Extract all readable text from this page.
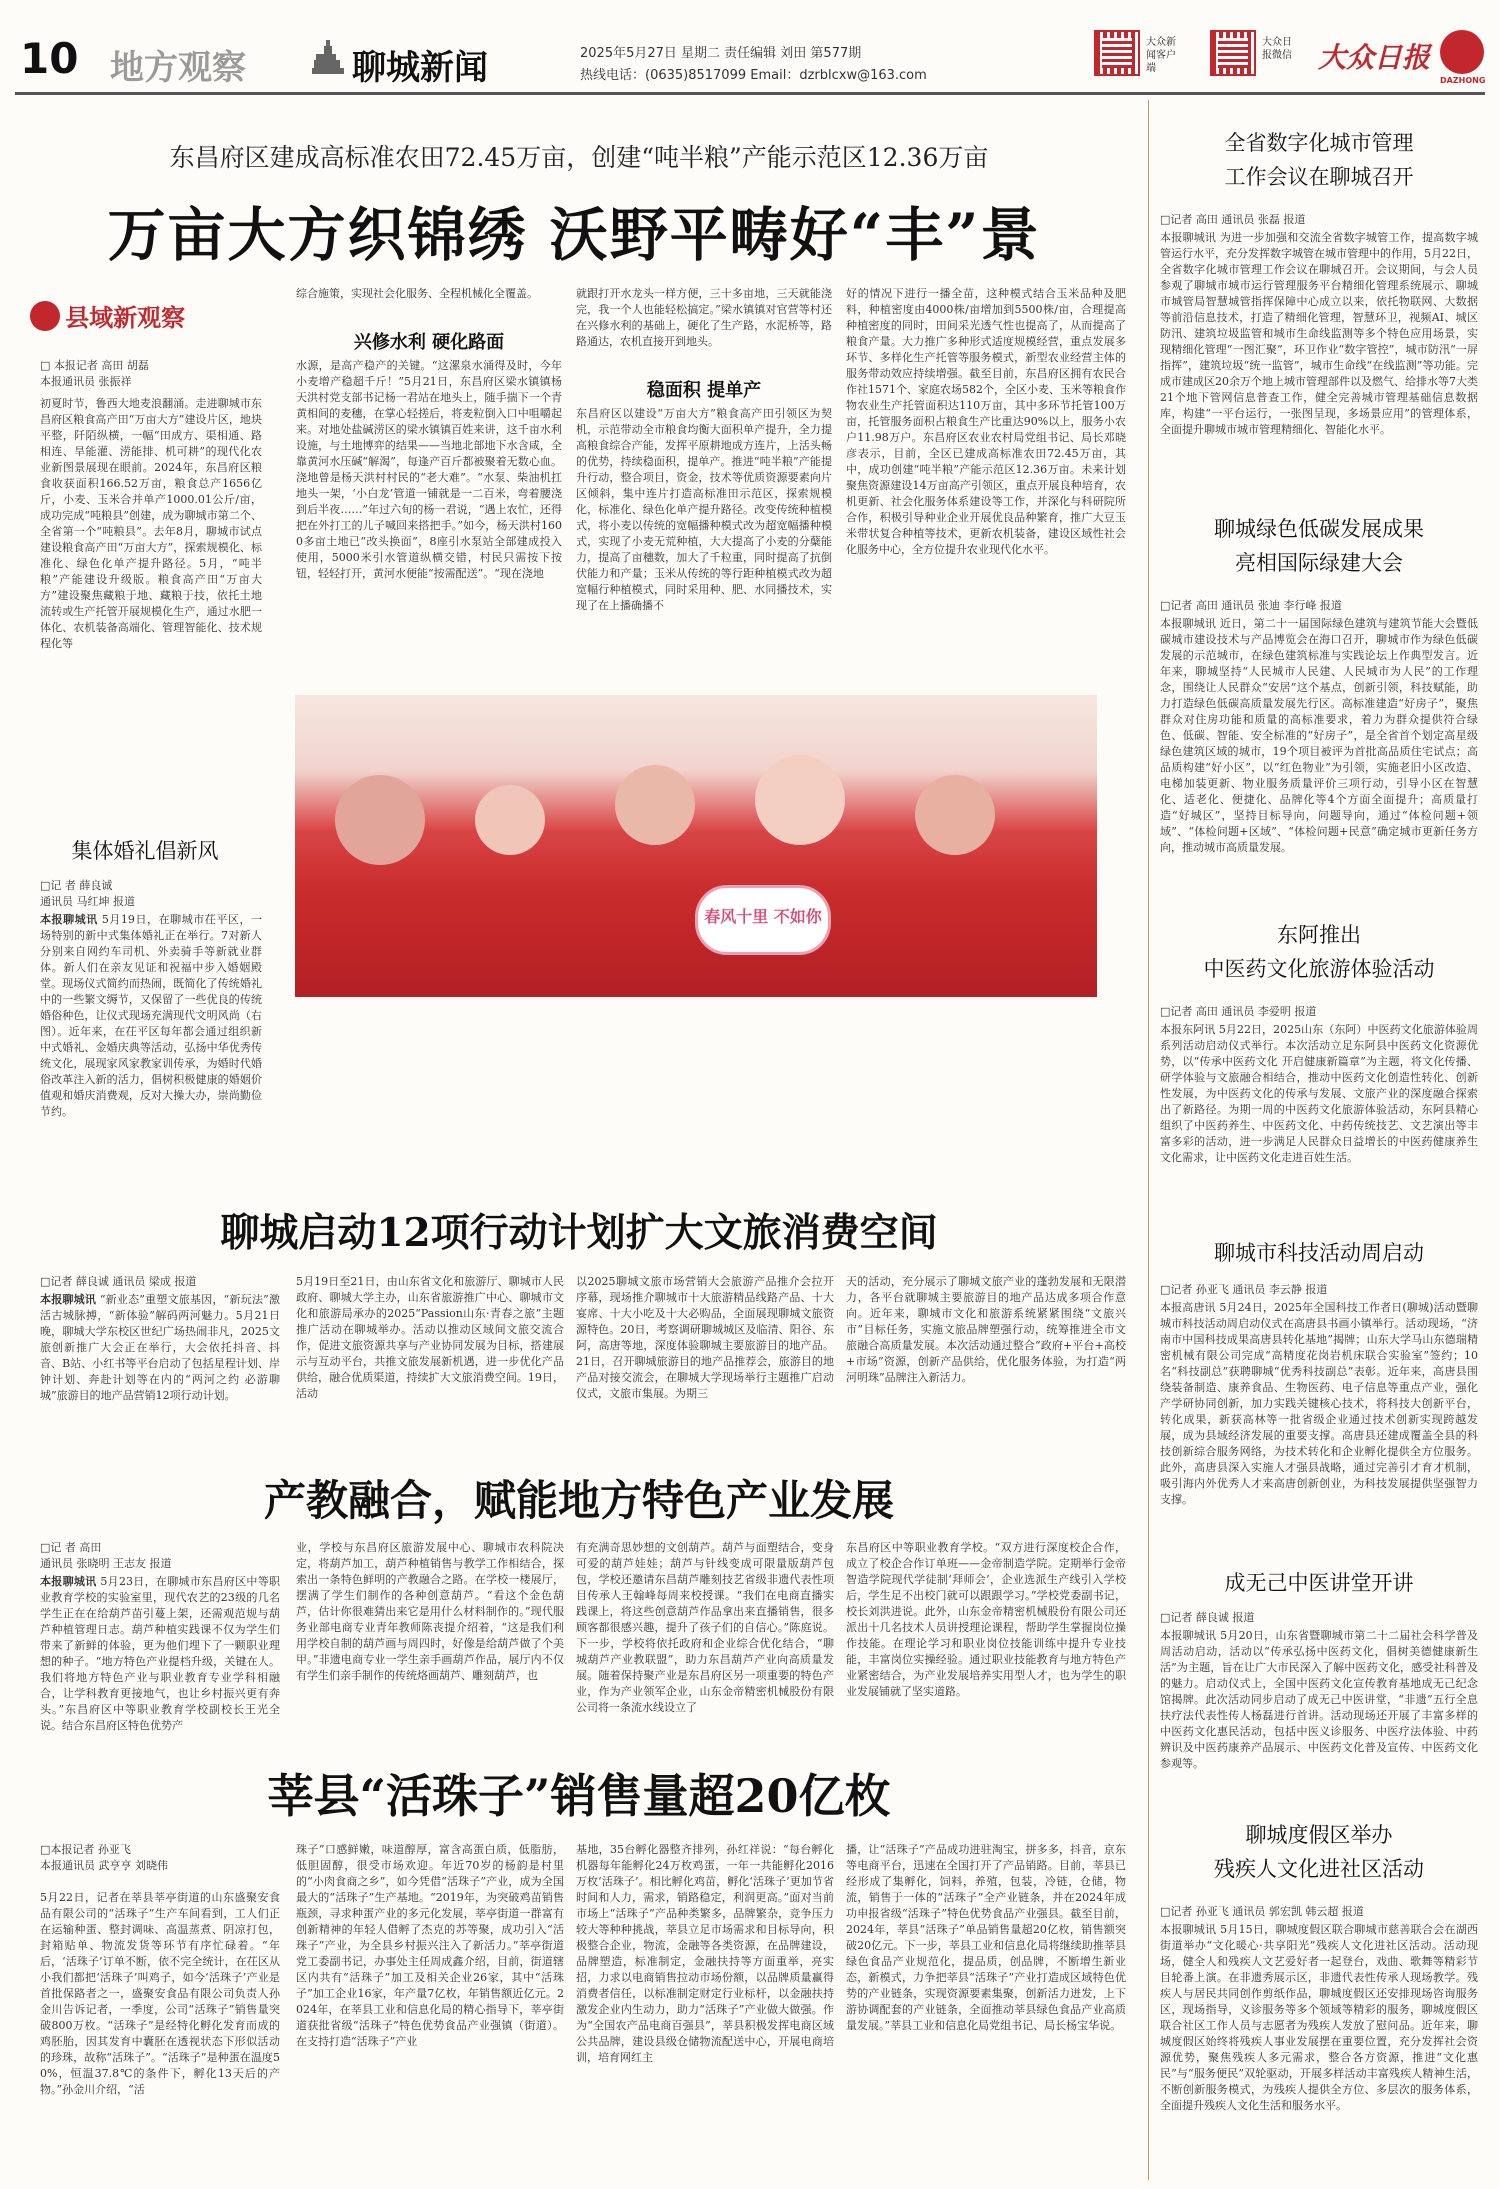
10 地方观察	聊城新闻	2025年5月27日 星期二 责任编辑 刘田 第577期
热线电话：(0635)8517099 Email：dzrblcxw@163.com
大众新闻客户端
大众日报微信 大众日报
DAZHONG
东昌府区建成高标准农田72.45万亩，创建“吨半粮”产能示范区12.36万亩
万亩大方织锦绣 沃野平畴好“丰”景
县域新观察
□ 本报记者 高田 胡磊
本报通讯员 张振祥
初夏时节，鲁西大地麦浪翻涌。走进聊城市东昌府区粮食高产田“万亩大方”建设片区，地块平整，阡陌纵横，一幅“田成方、渠相通、路相连、旱能灌、涝能排、机可耕”的现代化农业新图景展现在眼前。2024年，东昌府区粮食收获面积166.52万亩，粮食总产1656亿斤，小麦、玉米合并单产1000.01公斤/亩，成功完成“吨粮县”创建，成为聊城市第二个、全省第一个“吨粮县”。去年8月，聊城市试点建设粮食高产田“万亩大方”，探索规模化、标准化、绿色化单产提升路径。5月，“吨半粮”产能建设升级版。粮食高产田“万亩大方”建设聚焦藏粮于地、藏粮于技，依托土地流转或生产托管开展规模化生产，通过水肥一体化、农机装备高端化、管理智能化、技术规程化等
综合施策，实现社会化服务、全程机械化全覆盖。
兴修水利 硬化路面
水源，是高产稳产的关键。“这漯泉水涌得及时，今年小麦增产稳超千斤！”5月21日，东昌府区梁水镇镇杨天洪村党支部书记杨一君站在地头上，随手揣下一个青黄相间的麦穗，在掌心轻搓后，将麦粒倒入口中咀嚼起来。对地处盐碱涝区的梁水镇镇百姓来讲，这千亩水利设施，与土地博弈的结果——当地北部地下水含咸，全靠黄河水压碱“解渴”，每逢产百斤都被聚着无数心血。浇地曾是杨天洪村村民的“老大难”。“水泵、柴油机扛地头一架，‘小白龙’管道一铺就是一二百米，弯着腰浇到后半夜……”年过六旬的杨一君说，“遇上农忙，还得把在外打工的儿子喊回来搭把手。”如今，杨天洪村1600多亩土地已“改头换面”，8座引水泵站全部建成投入使用，5000米引水管道纵横交错，村民只需按下按钮，轻轻打开，黄河水便能“按需配送”。“现在浇地
就跟打开水龙头一样方便，三十多亩地，三天就能浇完，我一个人也能轻松搞定。”梁水镇镇对官营等村还在兴修水利的基础上，硬化了生产路，水泥桥等，路路通达，农机直接开到地头。
稳面积 提单产
东昌府区以建设“万亩大方”粮食高产田引领区为契机，示范带动全市粮食均衡大面积单产提升，全力提高粮食综合产能，发挥平原耕地成方连片，上活头畅的优势，持续稳面积，提单产。推进“吨半粮”产能提升行动，整合项目，资金，技术等优质资源要素向片区倾斜，集中连片打造高标准田示范区，探索规模化，标准化、绿色化单产提升路径。改变传统种植模式，将小麦以传统的宽幅播种模式改为超宽幅播种模式，实现了小麦无荒种植，大大提高了小麦的分蘖能力，提高了亩穗数，加大了千粒重，同时提高了抗倒伏能力和产量；玉米从传统的等行距种植模式改为超宽幅行种植模式，同时采用种、肥、水同播技术，实现了在上播确播不
好的情况下进行一播全苗，这种模式结合玉米品种及肥料，种植密度由4000株/亩增加到5500株/亩，合理提高种植密度的同时，田间采光透气性也提高了，从而提高了粮食产量。大力推广多种形式适度规模经营，重点发展多环节、多样化生产托管等服务模式，新型农业经营主体的服务带动效应持续增强。截至目前，东昌府区拥有农民合作社1571个、家庭农场582个，全区小麦、玉米等粮食作物农业生产托管面积达110万亩，其中多环节托管100万亩，托管服务面积占粮食生产比重达90%以上，服务小农户11.98万户。东昌府区农业农村局党组书记、局长邓晓彦表示，目前，全区已建成高标准农田72.45万亩，其中，成功创建“吨半粮”产能示范区12.36万亩。未来计划聚焦资源建设14万亩高产引领区，重点开展良种培育，农机更新、社会化服务体系建设等工作，并深化与科研院所合作，积极引导种业企业开展优良品种繁育，推广大豆玉米带状复合种植等技术，更新农机装备，建设区域性社会化服务中心，全方位提升农业现代化水平。
集体婚礼倡新风
□记 者 薛良诚
通讯员 马红坤 报道
本报聊城讯 5月19日，在聊城市茌平区，一场特别的新中式集体婚礼正在举行。7对新人分别来自网约车司机、外卖骑手等新就业群体。新人们在亲友见证和祝福中步入婚姻殿堂。现场仪式简约而热闹，既简化了传统婚礼中的一些繁文缛节，又保留了一些优良的传统婚俗种色，让仪式现场充满现代文明风尚（右图）。近年来，在茌平区每年都会通过组织新中式婚礼、金婚庆典等活动，弘扬中华优秀传统文化，展现家风家教家训传承，为婚时代婚俗改革注入新的活力，倡树积极健康的婚姻价值观和婚庆消费观，反对大操大办，崇尚勤俭节约。
春风十里 不如你
聊城启动12项行动计划扩大文旅消费空间
□记者 薛良诚 通讯员 梁成 报道
本报聊城讯 “新业态”重塑文旅基因，“新玩法”激活古城脉搏，“新体验”解码两河魅力。5月21日晚，聊城大学东校区世纪广场热闹非凡，2025文旅创新推广大会正在举行，大会依托抖音、抖音、B站、小红书等平台启动了包括星程计划、岸钟计划、奔赴计划等在内的“两河之约 必游聊城”旅游目的地产品营销12项行动计划。
5月19日至21日，由山东省文化和旅游厅、聊城市人民政府、聊城大学主办，山东省旅游推广中心、聊城市文化和旅游局承办的2025“Passion山东·青春之旅”主题推广活动在聊城举办。活动以推动区域间文旅交流合作，促进文旅资源共享与产业协同发展为目标，搭建展示与互动平台，共推文旅发展新机遇，进一步优化产品供给，融合优质渠道，持续扩大文旅消费空间。19日，活动
以2025聊城文旅市场营销大会旅游产品推介会拉开序幕，现场推介聊城市十大旅游精品线路产品、十大宴席、十大小吃及十大必购品，全面展现聊城文旅资源特色。20日，考察调研聊城城区及临清、阳谷、东阿，高唐等地，深度体验聊城主要旅游目的地产品。21日，召开聊城旅游目的地产品推荐会，旅游目的地产品对接交流会，在聊城大学现场举行主题推广启动仪式，文旅市集展。为期三
天的活动，充分展示了聊城文旅产业的蓬勃发展和无限潜力，各平台就聊城主要旅游目的地产品达成多项合作意向。近年来，聊城市文化和旅游系统紧紧围绕“文旅兴市”目标任务，实施文旅品牌塑强行动，统筹推进全市文旅融合高质量发展。本次活动通过整合“政府+平台+高校+市场”资源，创新产品供给，优化服务体验，为打造“两河明珠”品牌注入新活力。
产教融合，赋能地方特色产业发展
□记 者 高田
通讯员 张晓明 王志友 报道
本报聊城讯 5月23日，在聊城市东昌府区中等职业教育学校的实验室里，现代农艺的23级的几名学生正在在给葫芦苗引蔓上架，还需观范规与葫芦种植管理日志。葫芦种植实践课不仅为学生们带来了新鲜的体验，更为他们埋下了一颗职业理想的种子。“地方特色产业提档升级，关键在人。我们将地方特色产业与职业教育专业学科相融合，让学科教育更接地气，也让乡村振兴更有奔头。”东昌府区中等职业教育学校副校长王光全说。结合东昌府区特色优势产
业，学校与东昌府区旅游发展中心、聊城市农科院决定，将葫芦加工，葫芦种植销售与教学工作相结合，探索出一条特色鲜明的产教融合之路。在学校一楼展厅，摆满了学生们制作的各种创意葫芦。“看这个金色葫芦，估计你很难猜出来它是用什么材料制作的。”现代服务业部电商专业青年教师陈丧提介绍着，“这是我们利用学校自制的葫芦画与周四时，好像是给葫芦做了个美甲。”非遗电商专业一学生亲手画葫芦作品，展厅内不仅有学生们亲手制作的传统烙画葫芦、雕刻葫芦，也
有充满奇思妙想的文创葫芦。葫芦与面塑结合，变身可爱的葫芦娃娃；葫芦与针线变成可限量版葫芦包包，学校还邀请东昌葫芦雕刻技艺省级非遗代表性项目传承人王翰峰每周来校授课。“我们在电商直播实践课上，将这些创意葫芦作品拿出来直播销售，很多顾客都很感兴趣，提升了孩子们的自信心。”陈庭说。下一步，学校将依托政府和企业综合优化结合，“聊城葫芦产业教联盟”，助力东昌葫芦产业向高质量发展。随着保持聚产业是东昌府区另一项重要的特色产业，作为产业领军企业，山东金帝精密机械股份有限公司将一条流水线设立了
东昌府区中等职业教育学校。“双方进行深度校企合作，成立了校企合作订单班——金帝制造学院。定期举行金帝智造学院现代学徒制‘拜师会’，企业选派生产线引入学校后，学生足不出校门就可以跟跟学习。”学校党委副书记，校长刘洪进说。此外，山东金帝精密机械股份有限公司还派出十几名技术人员讲授理论课程，帮助学生掌握岗位操作技能。在理论学习和职业岗位技能训练中提升专业技能，丰富岗位实操经验。通过职业技能教育与地方特色产业紧密结合，为产业发展培养实用型人才，也为学生的职业发展铺就了坚实道路。
莘县“活珠子”销售量超20亿枚
□本报记者 孙亚飞
本报通讯员 武亨亨 刘晓伟
5月22日，记者在莘县莘亭街道的山东盛聚安食品有限公司的“活珠子”生产车间看到，工人们正在运输种蛋、整封调味、高温蒸煮、阴凉打包，封箱贴单、物流发货等环节有序忙碌着。“年后，‘活珠子’订单不断，依不完全统计，在茌区从小我们都把‘活珠子’叫鸡子，如今‘活珠子’产业是首批保路者之一，盛聚安食品有限公司负责人孙金川告诉记者，一季度，公司“活珠子”销售量突破800万枚。“活珠子”是经特化孵化发育而成的鸡胚胎，因其发育中囊胚在透视状态下形似活动的珍珠，故称“活珠子”。“活珠子”是种蛋在温度50%，恒温37.8℃的条件下，孵化13天后的产物。”孙金川介绍，“活
珠子”口感鲜嫩，味道醇厚，富含高蛋白质，低脂肪，低胆固醇，很受市场欢迎。年近70岁的杨韵是村里的“小肉食商之乡”，如今凭借“活珠子”产业，成为全国最大的“活珠子”生产基地。“2019年，为突破鸡苗销售瓶颈，寻求种蛋产业的多元化发展，莘亭街道一群富有创新精神的年轻人借孵了杰克的苏等聚，成功引入“活珠子”产业，为全县乡村振兴注入了新活力。”莘亭街道党工委副书记，办事处主任周成鑫介绍，目前，街道辖区内共有“活珠子”加工及相关企业26家，其中“活珠子”加工企业16家，年产量7亿枚，年销售额近亿元。2024年，在莘县工业和信息化局的精心指导下，莘亭街道获批省级“活珠子”特色优势食品产业强镇（街道）。在支持打造“活珠子”产业
基地，35台孵化器整齐排列，孙红祥说：“每台孵化机器每年能孵化24万枚鸡蛋，一年一共能孵化2016万枚‘活珠子’。相比孵化鸡苗，孵化‘活珠子’更加节省时间和人力，需求，销路稳定，利润更高。”面对当前市场上“活珠子”产品种类繁多，品牌繁杂，竞争压力较大等种种挑战，莘县立足市场需求和目标导向，积极整合企业，物流，金融等各类资源，在品牌建设，品牌塑造，标准制定，金融扶持等方面重举，亮实招，力求以电商销售拉动市场份额，以品牌质量赢得消费者信任，以标准制定财定行业标杆，以金融扶持激发企业内生动力，助力“活珠子”产业做大做强。作为“全国农产品电商百强县”，莘县积极发挥电商区域公共品牌，建设县级仓储物流配送中心，开展电商培训，培育网红主
播，让“活珠子”产品成功进驻淘宝，拼多多，抖音，京东等电商平台，迅速在全国打开了产品销路。目前，莘县已经形成了集孵化，饲料，养殖，包装，冷链，仓储，物流，销售于一体的“活珠子”全产业链条，并在2024年成功申报省级“活珠子”特色优势食品产业强县。截至目前，2024年，莘县“活珠子”单品销售量超20亿枚，销售额突破20亿元。下一步，莘县工业和信息化局将继续助推莘县绿色食品产业规范化，提品质，创品牌，不断增生新业态，新模式，力争把莘县“活珠子”产业打造成区域特色优势的产业链条，实现资源要素集聚，创新活力迸发，上下游协调配套的产业链条，全面推动莘县绿色食品产业高质量发展。”莘县工业和信息化局党组书记、局长杨宝华说。
全省数字化城市管理
工作会议在聊城召开
□记者 高田 通讯员 张磊 报道
本报聊城讯 为进一步加强和交流全省数字城管工作，提高数字城管运行水平，充分发挥数字城管在城市管理中的作用，5月22日，全省数字化城市管理工作会议在聊城召开。会议期间，与会人员参观了聊城市城市运行管理服务平台精细化管理系统展示、聊城市城管局智慧城管指挥保障中心成立以来，依托物联网、大数据等前沿信息技术，打造了精细化管理，智慧环卫，视频AI、城区防汛、建筑垃圾监管和城市生命线监测等多个特色应用场景，实现精细化管理“一图汇聚”，环卫作业“数字管控”，城市防汛“一屏指挥”，建筑垃圾“统一监管”，城市生命线“在线监测”等功能。完成市建成区20余万个地上城市管理部件以及燃气、给排水等7大类21个地下管网信息普查工作，健全完善城市管理基础信息数据库，构建“一平台运行，一张图呈现，多场景应用”的管理体系，全面提升聊城市城市管理精细化、智能化水平。
聊城绿色低碳发展成果
亮相国际绿建大会
□记者 高田 通讯员 张迪 李行峰 报道
本报聊城讯 近日，第二十一届国际绿色建筑与建筑节能大会暨低碳城市建设技术与产品博览会在海口召开，聊城市作为绿色低碳发展的示范城市，在绿色建筑标准与实践论坛上作典型发言。近年来，聊城坚持“人民城市人民建、人民城市为人民”的工作理念，围绕让人民群众“安居”这个基点，创新引领，科技赋能，助力打造绿色低碳高质量发展先行区。高标准建造“好房子”，聚焦群众对住房功能和质量的高标准要求，着力为群众提供符合绿色、低碳、智能、安全标准的“好房子”，是全省首个划定高星级绿色建筑区域的城市，19个项目被评为首批高品质住宅试点；高品质构建“好小区”，以“红色物业”为引领，实施老旧小区改造、电梯加装更新、物业服务质量评价三项行动，引导小区在智慧化、适老化、便捷化、品牌化等4个方面全面提升；高质量打造“好城区”，坚持目标导向，问题导向，通过“体检问题+领域”、“体检问题+区域”、“体检问题+民意”确定城市更新任务方向，推动城市高质量发展。
东阿推出
中医药文化旅游体验活动
□记者 高田 通讯员 李爱明 报道
本报东阿讯 5月22日，2025山东（东阿）中医药文化旅游体验周系列活动启动仪式举行。本次活动立足东阿县中医药文化资源优势，以“传承中医药文化 开启健康新篇章”为主题，将文化传播、研学体验与文旅融合相结合，推动中医药文化创造性转化、创新性发展，为中医药文化的传承与发展、文旅产业的深度融合探索出了新路径。为期一周的中医药文化旅游体验活动，东阿县精心组织了中医药养生、中医药文化、中药传统技艺、文艺演出等丰富多彩的活动，进一步满足人民群众日益增长的中医药健康养生文化需求，让中医药文化走进百姓生活。
聊城市科技活动周启动
□记者 孙亚飞 通讯员 李云静 报道
本报高唐讯 5月24日，2025年全国科技工作者日(聊城)活动暨聊城市科技活动周启动仪式在高唐县书画小镇举行。活动现场，“济南市中国科技成果高唐县转化基地”揭牌；山东大学马山东德瑞精密机械有限公司完成“高精度花岗岩机床联合实验室”签约；10名“科技副总”获聘聊城“优秀科技副总”表彰。近年来，高唐县围绕装备制造、康养食品、生物医药、电子信息等重点产业，强化产学研协同创新，加力实践关键核心技术，将科技大创新平台，转化成果，新获高林等一批省级企业通过技术创新实现跨越发展，成为县域经济发展的重要支撑。高唐县还建成覆盖全县的科技创新综合服务网络，为技术转化和企业孵化提供全方位服务。此外，高唐县深入实施人才强县战略，通过完善引才育才机制，吸引海内外优秀人才来高唐创新创业，为科技发展提供坚强智力支撑。
成无己中医讲堂开讲
□记者 薛良诚 报道
本报聊城讯 5月20日，山东省暨聊城市第二十二届社会科学普及周活动启动，活动以“传承弘扬中医药文化，倡树美德健康新生活”为主题，旨在让广大市民深入了解中医药文化，感受社科普及的魅力。启动仪式上，全国中医药文化宣传教育基地成无己纪念馆揭牌。此次活动同步启动了成无己中医讲堂，“非遗”五行全息扶疗法代表性传人杨磊进行首讲。活动现场还开展了丰富多样的中医药文化惠民活动，包括中医义诊服务、中医疗法体验、中药辨识及中医药康养产品展示、中医药文化普及宣传、中医药文化参观等。
聊城度假区举办
残疾人文化进社区活动
□记者 孙亚飞 通讯员 郭宏凯 韩云超 报道
本报聊城讯 5月15日，聊城度假区联合聊城市慈善联合会在湖西街道举办“文化暖心·共享阳光”残疾人文化进社区活动。活动现场，健全人和残疾人文艺爱好者一起登台，戏曲、歌舞等精彩节目轮番上演。在非遗秀展示区，非遗代表性传承人现场教学。残疾人与居民共同创作剪纸作品，聊城度假区还安排现场咨询服务区，现场指导，义诊服务等多个领域等精彩的服务，聊城度假区联合社区工作人员与志愿者为残疾人发放了慰问品。近年来，聊城度假区始终将残疾人事业发展摆在重要位置，充分发挥社会资源优势，聚焦残疾人多元需求，整合各方资源，推进“文化惠民”与“服务便民”双轮驱动，开展多样活动丰富残疾人精神生活，不断创新服务模式，为残疾人提供全方位、多层次的服务体系，全面提升残疾人文化生活和服务水平。
